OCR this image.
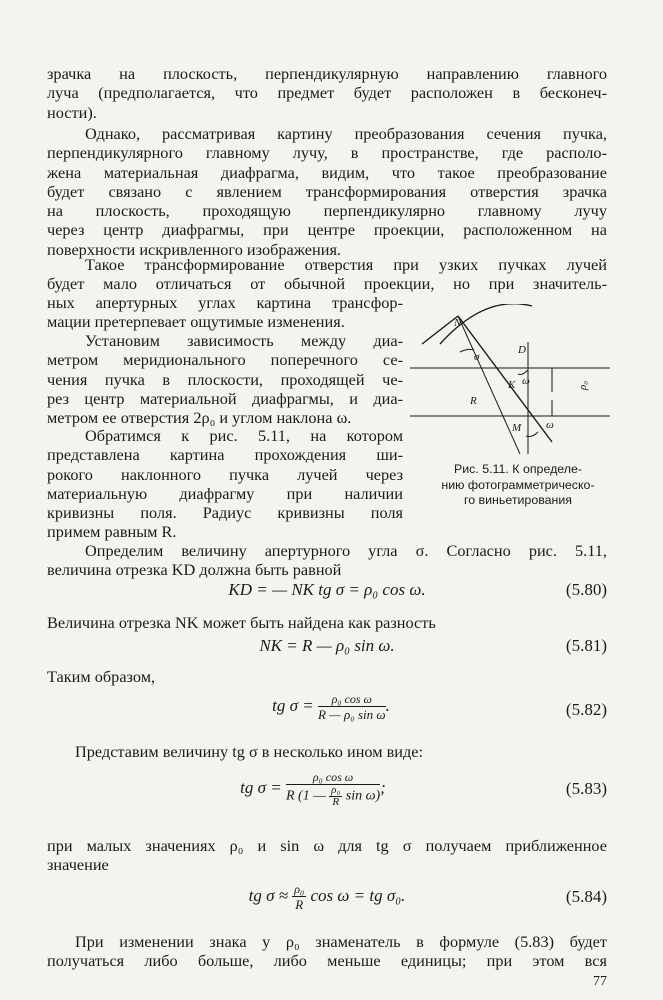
зрачка на плоскость, перпендикулярную направлению главного
луча (предполагается, что предмет будет расположен в бесконеч-
ности).
Однако, рассматривая картину преобразования сечения пучка,
перпендикулярного главному лучу, в пространстве, где располо-
жена материальная диафрагма, видим, что такое преобразование
будет связано с явлением трансформирования отверстия зрачка
на плоскость, проходящую перпендикулярно главному лучу
через центр диафрагмы, при центре проекции, расположенном на
поверхности искривленного изображения.
Такое трансформирование отверстия при узких пучках лучей
будет мало отличаться от обычной проекции, но при значитель-
ных апертурных углах картина трансфор-
мации претерпевает ощутимые изменения.
Установим зависимость между диа-
метром меридионального поперечного се-
чения пучка в плоскости, проходящей че-
рез центр материальной диафрагмы, и диа-
метром ее отверстия 2ρ₀ и углом наклона ω.
Обратимся к рис. 5.11, на котором
представлена картина прохождения ши-
рокого наклонного пучка лучей через
материальную диафрагму при наличии
кривизны поля. Радиус кривизны поля
примем равным R.
N
D
K
M
R
σ
ω
ω
ρ₀
Рис. 5.11. К определе-
нию фотограмметрическо-
го виньетирования
Определим величину апертурного угла σ. Согласно рис. 5.11,
величина отрезка KD должна быть равной
KD = — NK tg σ = ρ₀ cos ω.	(5.80)
Величина отрезка NK может быть найдена как разность
NK = R — ρ₀ sin ω.	(5.81)
Таким образом,
tg $\sigma = \frac{\text{ρ₀ cos ω}}{\text{R — ρ₀ sin ω}}$ .	(5.82)
Представим величину tg σ в несколько ином виде:
tg σ =
ρ₀ cos ω
R (1 — $\frac{\text{ρ₀}}{R}$ sin ω) ;	(5.83)
при малых значениях ρ₀ и sin ω для tg σ получаем приближенное
значение
tg $\sigma \approx \frac{\text{ρ₀}}{R}$ cos ω = tg σ₀.	(5.84)
При изменении знака у ρ₀ знаменатель в формуле (5.83) будет
получаться либо больше, либо меньше единицы; при этом вся
77
